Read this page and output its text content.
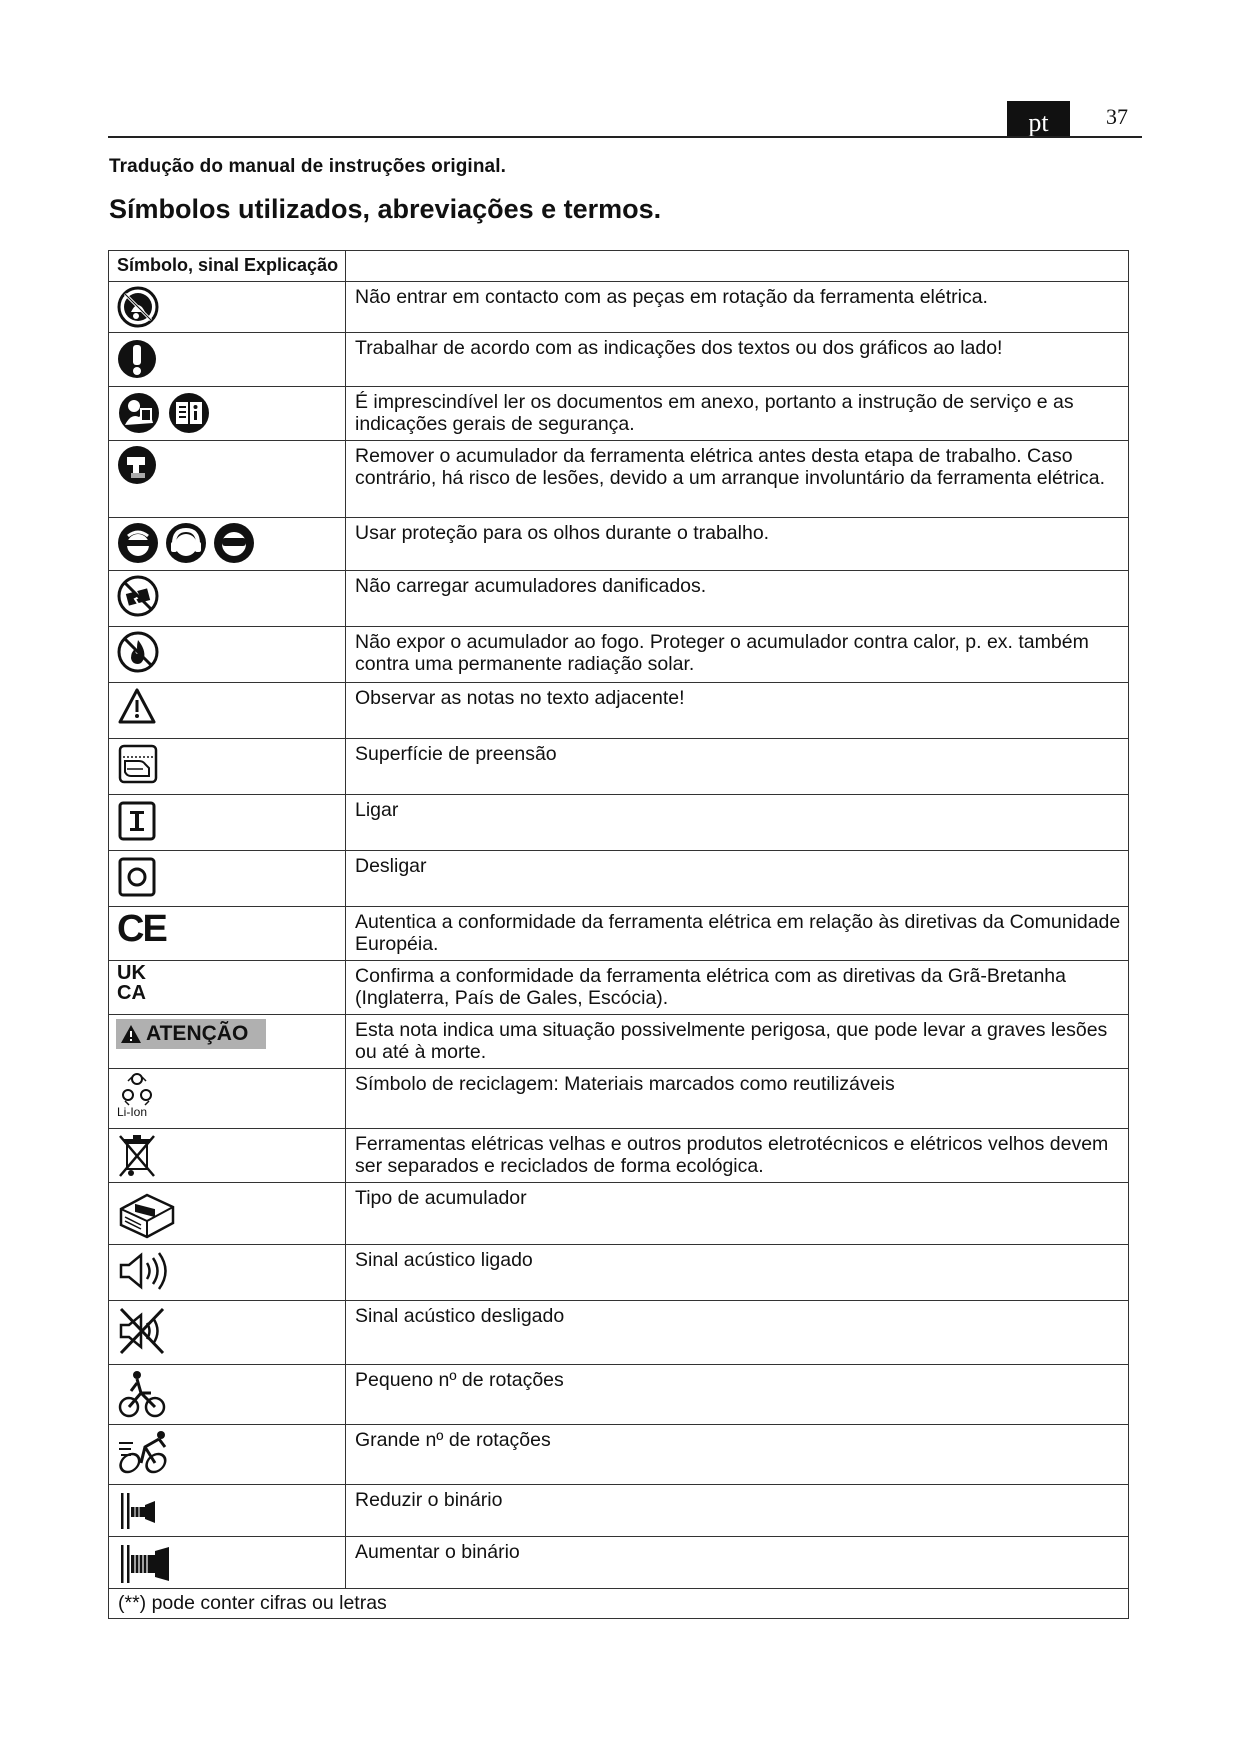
pt	37
Tradução do manual de instruções original.
Símbolos utilizados, abreviações e termos.
Símbolo, sinal Explicação	

	Não entrar em contacto com as peças em rotação da ferramenta elétrica.

	Trabalhar de acordo com as indicações dos textos ou dos gráficos ao lado!

	É imprescindível ler os documentos em anexo, portanto a instrução de serviço e as indicações gerais de segurança.

	Remover o acumulador da ferramenta elétrica antes desta etapa de trabalho. Caso contrário, há risco de lesões, devido a um arranque involuntário da ferramenta elétrica.

	Usar proteção para os olhos durante o trabalho.

	Não carregar acumuladores danificados.

	Não expor o acumulador ao fogo. Proteger o acumulador contra calor, p. ex. também contra uma permanente radiação solar.

	Observar as notas no texto adjacente!

	Superfície de preensão

	Ligar

	Desligar

CE	Autentica a conformidade da ferramenta elétrica em relação às diretivas da Comunidade Européia.

UK
CA	Confirma a conformidade da ferramenta elétrica com as diretivas da Grã-Bretanha (Inglaterra, País de Gales, Escócia).

ATENÇÃO	Esta nota indica uma situação possivelmente perigosa, que pode levar a graves lesões ou até à morte.

Li-Ion	Símbolo de reciclagem: Materiais marcados como reutilizáveis

	Ferramentas elétricas velhas e outros produtos eletrotécnicos e elétricos velhos devem ser separados e reciclados de forma ecológica.

	Tipo de acumulador

	Sinal acústico ligado

	Sinal acústico desligado

	Pequeno nº de rotações

	Grande nº de rotações

	Reduzir o binário

	Aumentar o binário
(**) pode conter cifras ou letras	
